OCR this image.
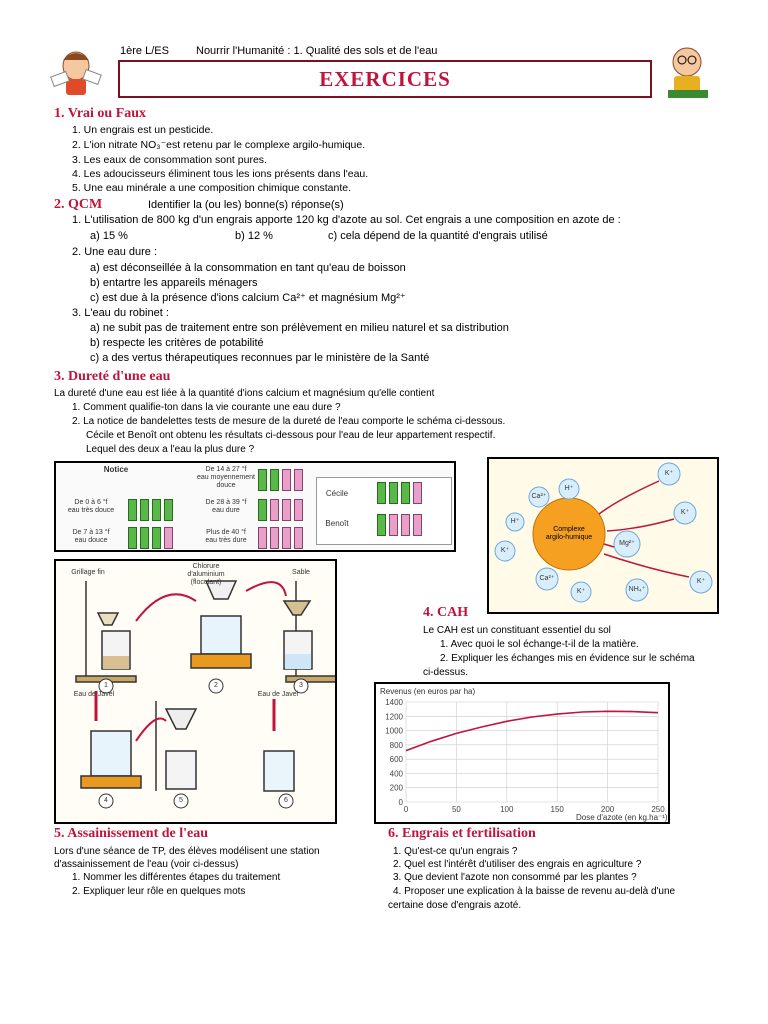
1ère L/ES Nourrir l'Humanité : 1. Qualité des sols et de l'eau
EXERCICES
1. Vrai ou Faux
1. Un engrais est un pesticide.
2. L'ion nitrate NO₃⁻est retenu par le complexe argilo-humique.
3. Les eaux de consommation sont pures.
4. Les adoucisseurs éliminent tous les ions présents dans l'eau.
5. Une eau minérale a une composition chimique constante.
2. QCM	Identifier la (ou les) bonne(s) réponse(s)
1. L'utilisation de 800 kg d'un engrais apporte 120 kg d'azote au sol. Cet engrais a une composition en azote de :
a) 15 %	b) 12 %	c) cela dépend de la quantité d'engrais utilisé
2. Une eau dure :
a) est déconseillée à la consommation en tant qu'eau de boisson
b) entartre les appareils ménagers
c) est due à la présence d'ions calcium Ca²⁺ et magnésium Mg²⁺
3. L'eau du robinet :
a) ne subit pas de traitement entre son prélèvement en milieu naturel et sa distribution
b) respecte les critères de potabilité
c) a des vertus thérapeutiques reconnues par le ministère de la Santé
3. Dureté d'une eau
La dureté d'une eau est liée à la quantité d'ions calcium et magnésium qu'elle contient
1. Comment qualifie-ton dans la vie courante une eau dure ?
2. La notice de bandelettes tests de mesure de la dureté de l'eau comporte le schéma ci-dessous.
Cécile et Benoît ont obtenu les résultats ci-dessous pour l'eau de leur appartement respectif.
Lequel des deux a l'eau la plus dure ?
Notice	De 14 à 27 °f
eau moyennement
douce
De 0 à 6 °f
eau très douce
De 28 à 39 °f
eau dure
De 7 à 13 °f
eau douce
Plus de 40 °f
eau très dure
Cécile
Benoît
Complexe
argilo-humique
K⁺
Ca²⁺
H⁺
H⁺
K⁺
Ca²⁺
K⁺
NH₄⁺
Mg²⁺
K⁺
K⁺
1	2	3
4	5	6
Grillage fin
Chlorure
d'aluminium
(floculant)
Sable
Eau de Javel	Eau de Javel
4. CAH
Le CAH est un constituant essentiel du sol
1. Avec quoi le sol échange-t-il de la matière.
2. Expliquer les échanges mis en évidence sur le schéma
ci-dessus.
Revenus (en euros par ha)
Dose d'azote (en kg.ha⁻¹)
0
200
400
600
800
1000
1200
1400
0	50	100	150	200	250
5. Assainissement de l'eau
Lors d'une séance de TP, des élèves modélisent une station
d'assainissement de l'eau (voir ci-dessus)
1. Nommer les différentes étapes du traitement
2. Expliquer leur rôle en quelques mots
6. Engrais et fertilisation
1. Qu'est-ce qu'un engrais ?
2. Quel est l'intérêt d'utiliser des engrais en agriculture ?
3. Que devient l'azote non consommé par les plantes ?
4. Proposer une explication à la baisse de revenu au-delà d'une
certaine dose d'engrais azoté.
